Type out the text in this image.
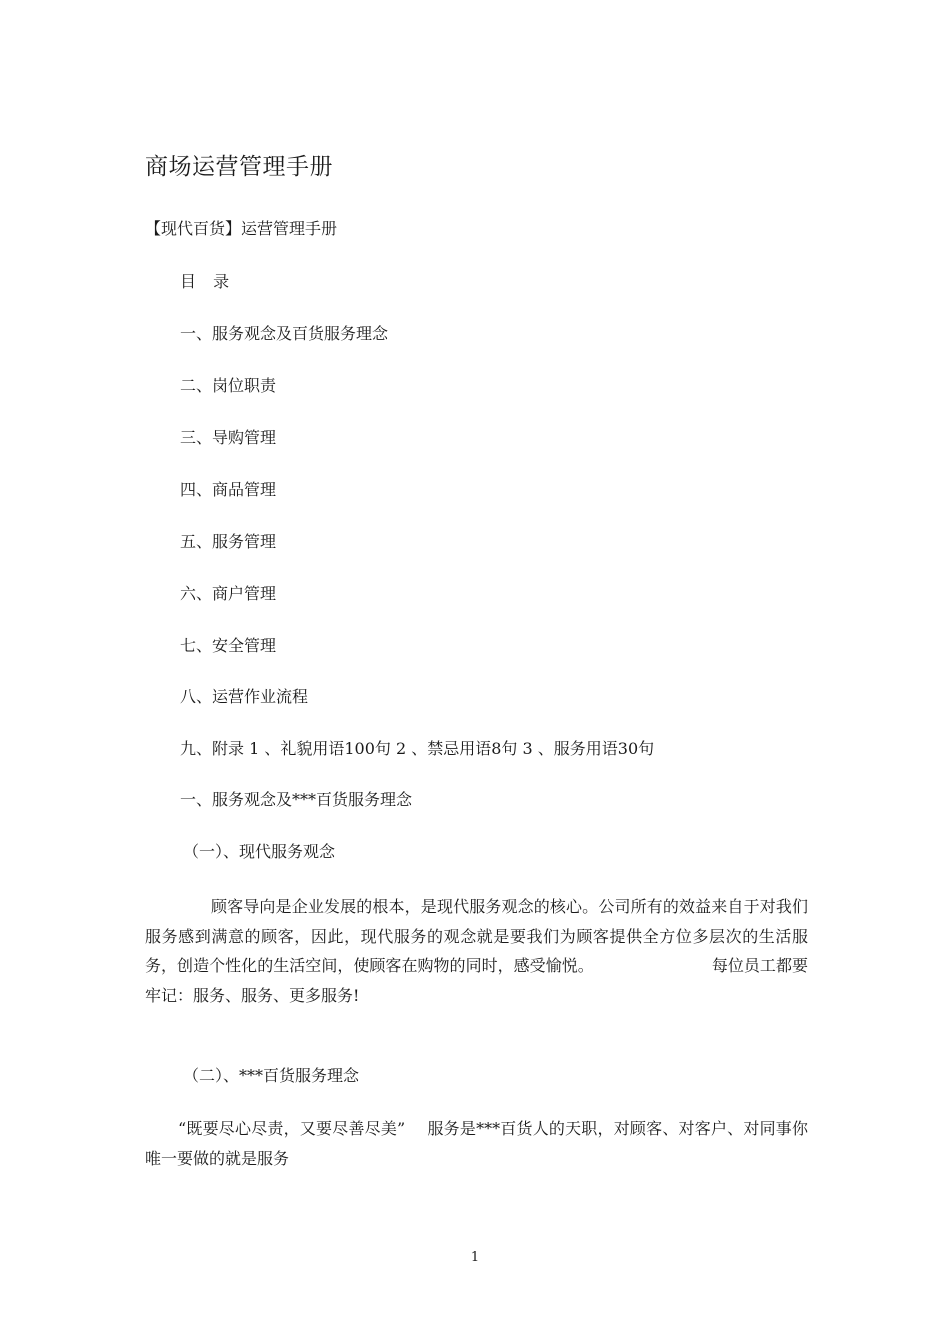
商场运营管理手册
【现代百货】运营管理手册
目 录
一、服务观念及百货服务理念
二、岗位职责
三、导购管理
四、商品管理
五、服务管理
六、商户管理
七、安全管理
八、运营作业流程
九、附录 1 、礼貌用语100句 2 、禁忌用语8句 3 、服务用语30句
一、服务观念及***百货服务理念
（一）、现代服务观念
顾客导向是企业发展的根本，是现代服务观念的核心。公司所有的效益来自于对我们服务感到满意的顾客，因此，现代服务的观念就是要我们为顾客提供全方位多层次的生活服务，创造个性化的生活空间，使顾客在购物的同时，感受愉悦。	每位员工都要牢记：服务、服务、更多服务!
（二）、***百货服务理念
“既要尽心尽责，又要尽善尽美” 服务是***百货人的天职，对顾客、对客户、对同事你唯一要做的就是服务
1
